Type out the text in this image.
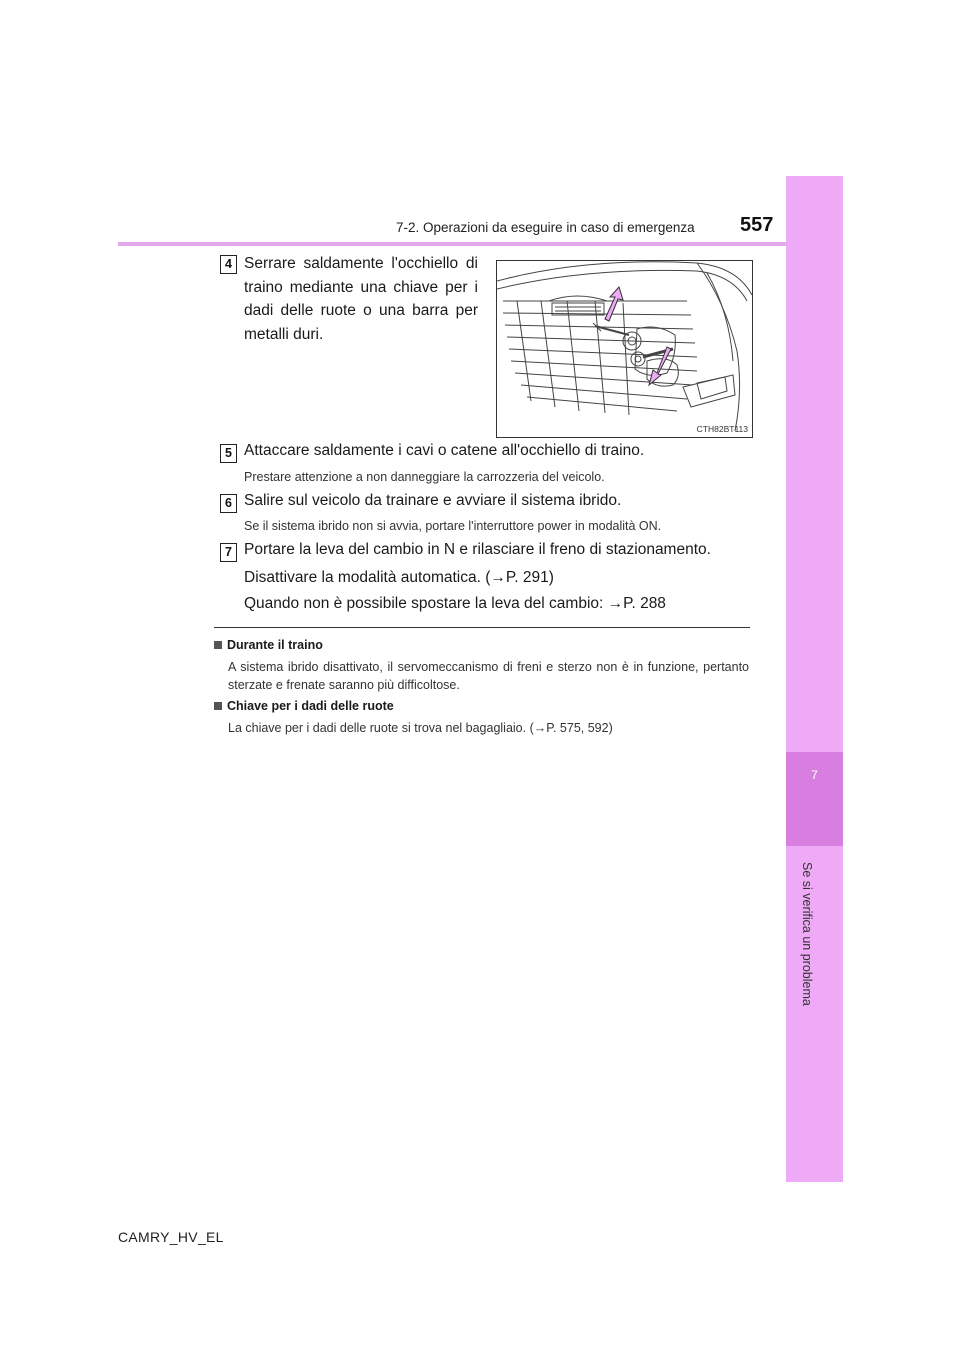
7-2. Operazioni da eseguire in caso di emergenza 557
7
Se si verifica un problema
4 Serrare saldamente l'occhiello di traino mediante una chiave per i dadi delle ruote o una barra per metalli duri.
CTH82BT113
5 Attaccare saldamente i cavi o catene all'occhiello di traino.
Prestare attenzione a non danneggiare la carrozzeria del veicolo.
6 Salire sul veicolo da trainare e avviare il sistema ibrido.
Se il sistema ibrido non si avvia, portare l'interruttore power in modalità ON.
7 Portare la leva del cambio in N e rilasciare il freno di stazionamento.
Disattivare la modalità automatica. (→P. 291)
Quando non è possibile spostare la leva del cambio: →P. 288
Durante il traino
A sistema ibrido disattivato, il servomeccanismo di freni e sterzo non è in funzione, pertanto sterzate e frenate saranno più difficoltose.
Chiave per i dadi delle ruote
La chiave per i dadi delle ruote si trova nel bagagliaio. (→P. 575, 592)
CAMRY_HV_EL
